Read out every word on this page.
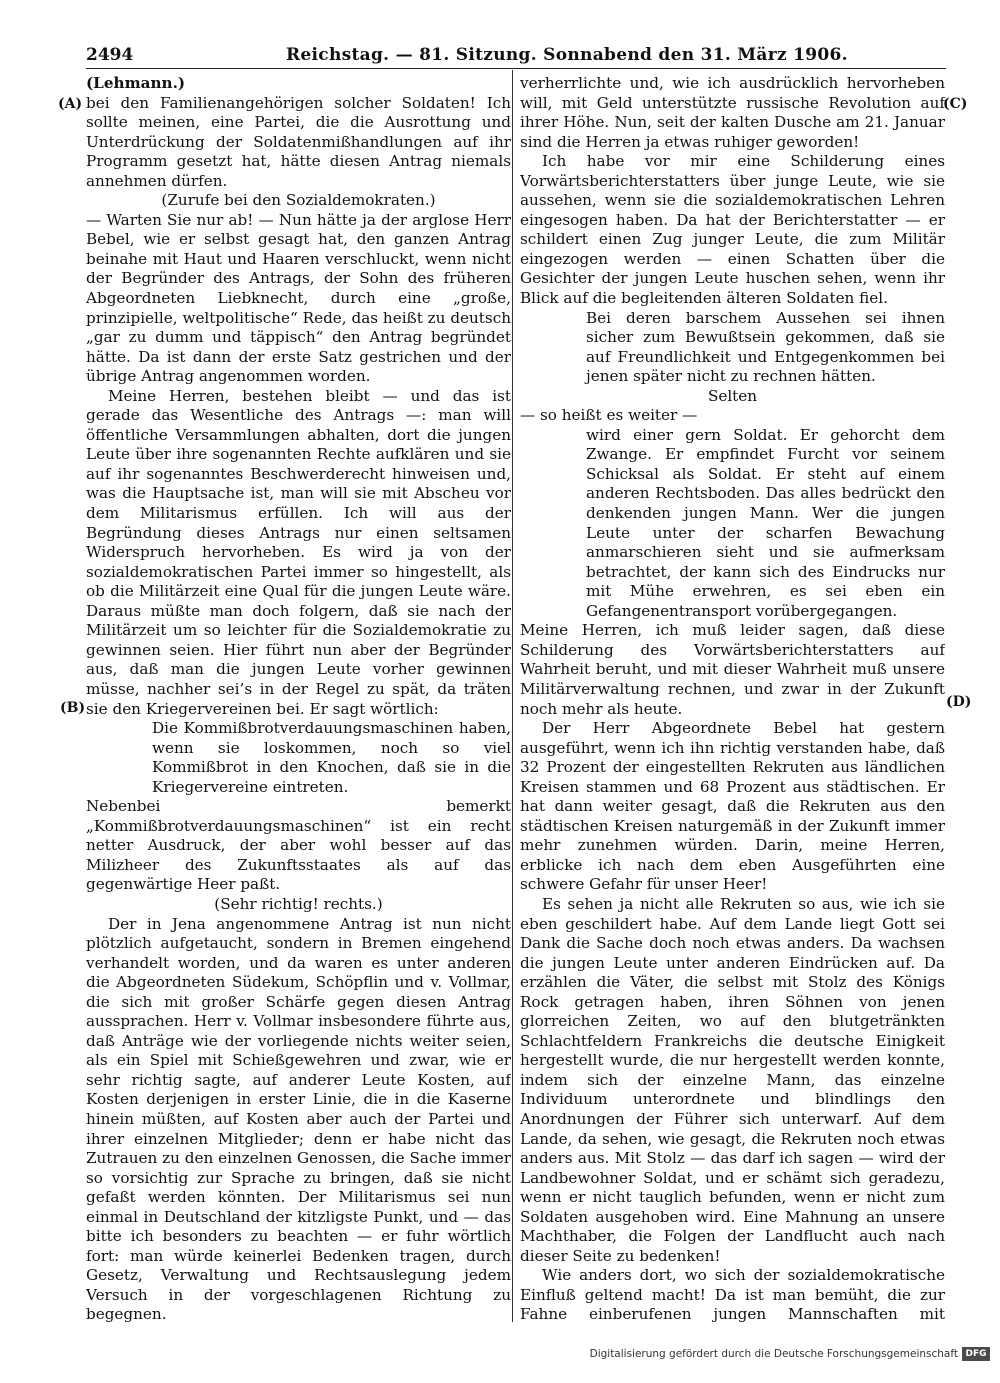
2494	Reichstag. — 81. Sitzung. Sonnabend den 31. März 1906.
(A)
(B)
(C)
(D)

(Lehmann.)

bei den Familienangehörigen solcher Soldaten! Ich sollte meinen, eine Partei, die die Ausrottung und Unterdrückung der Soldatenmißhandlungen auf ihr Programm gesetzt hat, hätte diesen Antrag niemals annehmen dürfen.

(Zurufe bei den Sozialdemokraten.)

— Warten Sie nur ab! — Nun hätte ja der arglose Herr Bebel, wie er selbst gesagt hat, den ganzen Antrag beinahe mit Haut und Haaren verschluckt, wenn nicht der Begründer des Antrags, der Sohn des früheren Abgeordneten Liebknecht, durch eine „große, prinzipielle, weltpolitische“ Rede, das heißt zu deutsch „gar zu dumm und täppisch“ den Antrag begründet hätte. Da ist dann der erste Satz gestrichen und der übrige Antrag angenommen worden.

Meine Herren, bestehen bleibt — und das ist gerade das Wesentliche des Antrags —: man will öffentliche Versammlungen abhalten, dort die jungen Leute über ihre sogenannten Rechte aufklären und sie auf ihr sogenanntes Beschwerderecht hinweisen und, was die Hauptsache ist, man will sie mit Abscheu vor dem Militarismus erfüllen. Ich will aus der Begründung dieses Antrags nur einen seltsamen Widerspruch hervorheben. Es wird ja von der sozialdemokratischen Partei immer so hingestellt, als ob die Militärzeit eine Qual für die jungen Leute wäre. Daraus müßte man doch folgern, daß sie nach der Militärzeit um so leichter für die Sozialdemokratie zu gewinnen seien. Hier führt nun aber der Begründer aus, daß man die jungen Leute vorher gewinnen müsse, nachher sei’s in der Regel zu spät, da träten sie den Kriegervereinen bei. Er sagt wörtlich:

Die Kommißbrotverdauungsmaschinen haben, wenn sie loskommen, noch so viel Kommißbrot in den Knochen, daß sie in die Kriegervereine eintreten.

Nebenbei bemerkt „Kommißbrotverdauungsmaschinen“ ist ein recht netter Ausdruck, der aber wohl besser auf das Milizheer des Zukunftsstaates als auf das gegenwärtige Heer paßt.

(Sehr richtig! rechts.)

Der in Jena angenommene Antrag ist nun nicht plötzlich aufgetaucht, sondern in Bremen eingehend verhandelt worden, und da waren es unter anderen die Abgeordneten Südekum, Schöpflin und v. Vollmar, die sich mit großer Schärfe gegen diesen Antrag aussprachen. Herr v. Vollmar insbesondere führte aus, daß Anträge wie der vorliegende nichts weiter seien, als ein Spiel mit Schießgewehren und zwar, wie er sehr richtig sagte, auf anderer Leute Kosten, auf Kosten derjenigen in erster Linie, die in die Kaserne hinein müßten, auf Kosten aber auch der Partei und ihrer einzelnen Mitglieder; denn er habe nicht das Zutrauen zu den einzelnen Genossen, die Sache immer so vorsichtig zur Sprache zu bringen, daß sie nicht gefaßt werden könnten. Der Militarismus sei nun einmal in Deutschland der kitzligste Punkt, und — das bitte ich besonders zu beachten — er fuhr wörtlich fort: man würde keinerlei Bedenken tragen, durch Gesetz, Verwaltung und Rechtsauslegung jedem Versuch in der vorgeschlagenen Richtung zu begegnen.

verherrlichte und, wie ich ausdrücklich hervorheben will, mit Geld unterstützte russische Revolution auf ihrer Höhe. Nun, seit der kalten Dusche am 21. Januar sind die Herren ja etwas ruhiger geworden!

Ich habe vor mir eine Schilderung eines Vorwärtsberichterstatters über junge Leute, wie sie aussehen, wenn sie die sozialdemokratischen Lehren eingesogen haben. Da hat der Berichterstatter — er schildert einen Zug junger Leute, die zum Militär eingezogen werden — einen Schatten über die Gesichter der jungen Leute huschen sehen, wenn ihr Blick auf die begleitenden älteren Soldaten fiel.

Bei deren barschem Aussehen sei ihnen sicher zum Bewußtsein gekommen, daß sie auf Freundlichkeit und Entgegenkommen bei jenen später nicht zu rechnen hätten.

Selten

— so heißt es weiter —

wird einer gern Soldat. Er gehorcht dem Zwange. Er empfindet Furcht vor seinem Schicksal als Soldat. Er steht auf einem anderen Rechtsboden. Das alles bedrückt den denkenden jungen Mann. Wer die jungen Leute unter der scharfen Bewachung anmarschieren sieht und sie aufmerksam betrachtet, der kann sich des Eindrucks nur mit Mühe erwehren, es sei eben ein Gefangenentransport vorübergegangen.

Meine Herren, ich muß leider sagen, daß diese Schilderung des Vorwärtsberichterstatters auf Wahrheit beruht, und mit dieser Wahrheit muß unsere Militärverwaltung rechnen, und zwar in der Zukunft noch mehr als heute.

Der Herr Abgeordnete Bebel hat gestern ausgeführt, wenn ich ihn richtig verstanden habe, daß 32 Prozent der eingestellten Rekruten aus ländlichen Kreisen stammen und 68 Prozent aus städtischen. Er hat dann weiter gesagt, daß die Rekruten aus den städtischen Kreisen naturgemäß in der Zukunft immer mehr zunehmen würden. Darin, meine Herren, erblicke ich nach dem eben Ausgeführten eine schwere Gefahr für unser Heer!

Es sehen ja nicht alle Rekruten so aus, wie ich sie eben geschildert habe. Auf dem Lande liegt Gott sei Dank die Sache doch noch etwas anders. Da wachsen die jungen Leute unter anderen Eindrücken auf. Da erzählen die Väter, die selbst mit Stolz des Königs Rock getragen haben, ihren Söhnen von jenen glorreichen Zeiten, wo auf den blutgetränkten Schlachtfeldern Frankreichs die deutsche Einigkeit hergestellt wurde, die nur hergestellt werden konnte, indem sich der einzelne Mann, das einzelne Individuum unterordnete und blindlings den Anordnungen der Führer sich unterwarf. Auf dem Lande, da sehen, wie gesagt, die Rekruten noch etwas anders aus. Mit Stolz — das darf ich sagen — wird der Landbewohner Soldat, und er schämt sich geradezu, wenn er nicht tauglich befunden, wenn er nicht zum Soldaten ausgehoben wird. Eine Mahnung an unsere Machthaber, die Folgen der Landflucht auch nach dieser Seite zu bedenken!

Wie anders dort, wo sich der sozialdemokratische Einfluß geltend macht! Da ist man bemüht, die zur Fahne einberufenen jungen Mannschaften mit

Digitalisierung gefördert durch die Deutsche Forschungsgemeinschaft DFG
